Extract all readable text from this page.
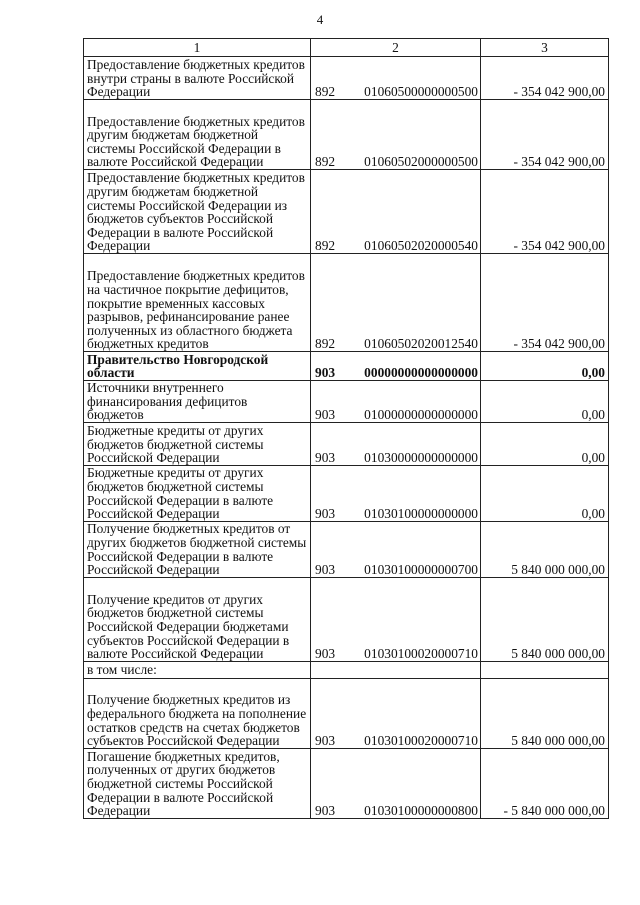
4
1	2	3
Предоставление бюджетных кредитов внутри страны в валюте Российской Федерации	892 01060500000000500	- 354 042 900,00
Предоставление бюджетных кредитов другим бюджетам бюджетной системы Российской Федерации в валюте Российской Федерации	892 01060502000000500	- 354 042 900,00
Предоставление бюджетных кредитов другим бюджетам бюджетной системы Российской Федерации из бюджетов субъектов Российской Федерации в валюте Российской Федерации	892 01060502020000540	- 354 042 900,00
Предоставление бюджетных кредитов на частичное покрытие дефицитов, покрытие временных кассовых разрывов, рефинансирование ранее полученных из областного бюджета бюджетных кредитов	892 01060502020012540	- 354 042 900,00
Правительство Новгородской области	903 00000000000000000	0,00
Источники внутреннего финансирования дефицитов бюджетов	903 01000000000000000	0,00
Бюджетные кредиты от других бюджетов бюджетной системы Российской Федерации	903 01030000000000000	0,00
Бюджетные кредиты от других бюджетов бюджетной системы Российской Федерации в валюте Российской Федерации	903 01030100000000000	0,00
Получение бюджетных кредитов от других бюджетов бюджетной системы Российской Федерации в валюте Российской Федерации	903 01030100000000700	5 840 000 000,00
Получение кредитов от других бюджетов бюджетной системы Российской Федерации бюджетами субъектов Российской Федерации в валюте Российской Федерации	903 01030100020000710	5 840 000 000,00
в том числе:	

Получение бюджетных кредитов из федерального бюджета на пополнение остатков средств на счетах бюджетов субъектов Российской Федерации	903 01030100020000710	5 840 000 000,00
Погашение бюджетных кредитов, полученных от других бюджетов бюджетной системы Российской Федерации в валюте Российской Федерации	903 01030100000000800	- 5 840 000 000,00
